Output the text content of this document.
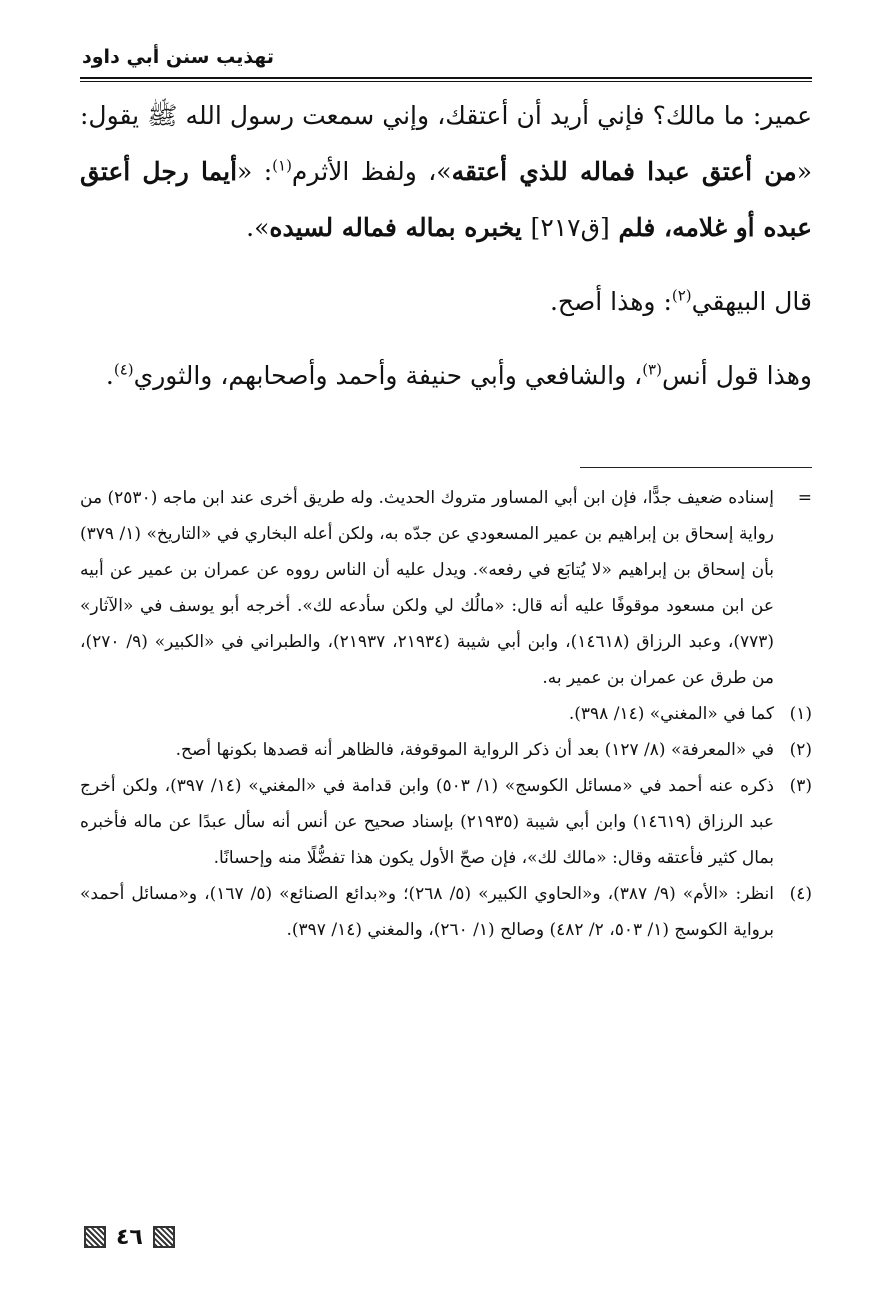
تهذيب سنن أبي داود

عمير: ما مالك؟ فإني أريد أن أعتقك، وإني سمعت رسول الله ﷺ يقول: «من أعتق عبدا فماله للذي أعتقه»، ولفظ الأثرم$^{(١)}$: «أيما رجل أعتق عبده أو غلامه، فلم [ق٢١٧] يخبره بماله فماله لسيده».

قال البيهقي$^{(٢)}$: وهذا أصح.

وهذا قول أنس$^{(٣)}$، والشافعي وأبي حنيفة وأحمد وأصحابهم، والثوري$^{(٤)}$.

=
إسناده ضعيف جدًّا، فإن ابن أبي المساور متروك الحديث. وله طريق أخرى عند ابن ماجه (٢٥٣٠) من رواية إسحاق بن إبراهيم بن عمير المسعودي عن جدّه به، ولكن أعله البخاري في «التاريخ» (١/ ٣٧٩) بأن إسحاق بن إبراهيم «لا يُتابَع في رفعه». ويدل عليه أن الناس رووه عن عمران بن عمير عن أبيه عن ابن مسعود موقوفًا عليه أنه قال: «مالُك لي ولكن سأدعه لك». أخرجه أبو يوسف في «الآثار» (٧٧٣)، وعبد الرزاق (١٤٦١٨)، وابن أبي شيبة (٢١٩٣٤، ٢١٩٣٧)، والطبراني في «الكبير» (٩/ ٢٧٠)، من طرق عن عمران بن عمير به.

(١)
كما في «المغني» (١٤/ ٣٩٨).

(٢)
في «المعرفة» (٨/ ١٢٧) بعد أن ذكر الرواية الموقوفة، فالظاهر أنه قصدها بكونها أصح.

(٣)
ذكره عنه أحمد في «مسائل الكوسج» (١/ ٥٠٣) وابن قدامة في «المغني» (١٤/ ٣٩٧)، ولكن أخرج عبد الرزاق (١٤٦١٩) وابن أبي شيبة (٢١٩٣٥) بإسناد صحيح عن أنس أنه سأل عبدًا عن ماله فأخبره بمال كثير فأعتقه وقال: «مالك لك»، فإن صحّ الأول يكون هذا تفضُّلًا منه وإحسانًا.

(٤)
انظر: «الأم» (٩/ ٣٨٧)، و«الحاوي الكبير» (٥/ ٢٦٨)؛ و«بدائع الصنائع» (٥/ ١٦٧)، و«مسائل أحمد» برواية الكوسج (١/ ٥٠٣، ٢/ ٤٨٢) وصالح (١/ ٢٦٠)، والمغني (١٤/ ٣٩٧).

٤٦
